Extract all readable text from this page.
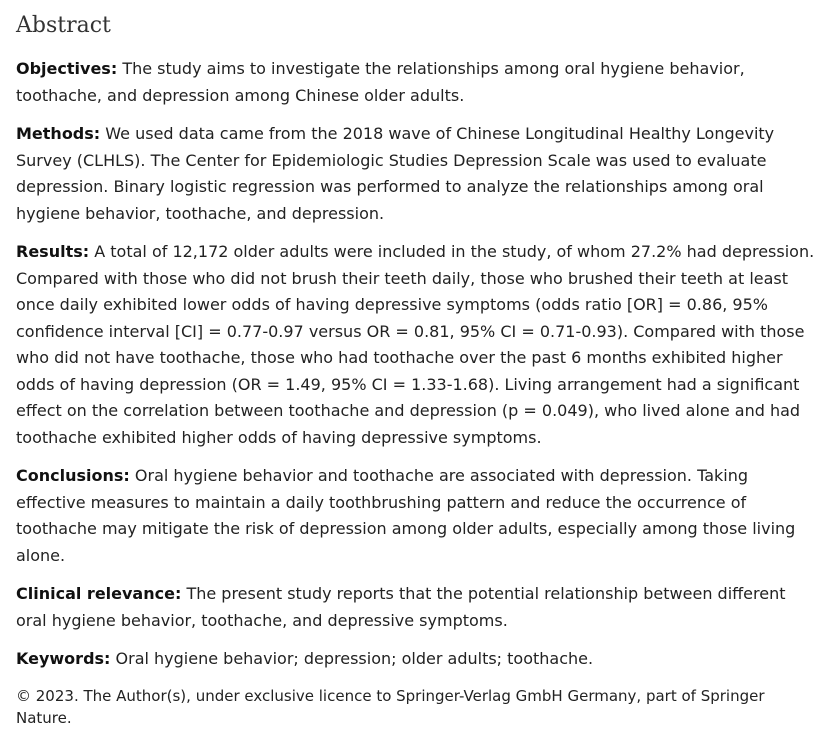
Abstract

Objectives: The study aims to investigate the relationships among oral hygiene behavior, toothache, and depression among Chinese older adults.

Methods: We used data came from the 2018 wave of Chinese Longitudinal Healthy Longevity Survey (CLHLS). The Center for Epidemiologic Studies Depression Scale was used to evaluate depression. Binary logistic regression was performed to analyze the relationships among oral hygiene behavior, toothache, and depression.

Results: A total of 12,172 older adults were included in the study, of whom 27.2% had depression. Compared with those who did not brush their teeth daily, those who brushed their teeth at least once daily exhibited lower odds of having depressive symptoms (odds ratio [OR] = 0.86, 95% confidence interval [CI] = 0.77-0.97 versus OR = 0.81, 95% CI = 0.71-0.93). Compared with those who did not have toothache, those who had toothache over the past 6 months exhibited higher odds of having depression (OR = 1.49, 95% CI = 1.33-1.68). Living arrangement had a significant effect on the correlation between toothache and depression (p = 0.049), who lived alone and had toothache exhibited higher odds of having depressive symptoms.

Conclusions: Oral hygiene behavior and toothache are associated with depression. Taking effective measures to maintain a daily toothbrushing pattern and reduce the occurrence of toothache may mitigate the risk of depression among older adults, especially among those living alone.

Clinical relevance: The present study reports that the potential relationship between different oral hygiene behavior, toothache, and depressive symptoms.

Keywords: Oral hygiene behavior; depression; older adults; toothache.

© 2023. The Author(s), under exclusive licence to Springer-Verlag GmbH Germany, part of Springer Nature.
